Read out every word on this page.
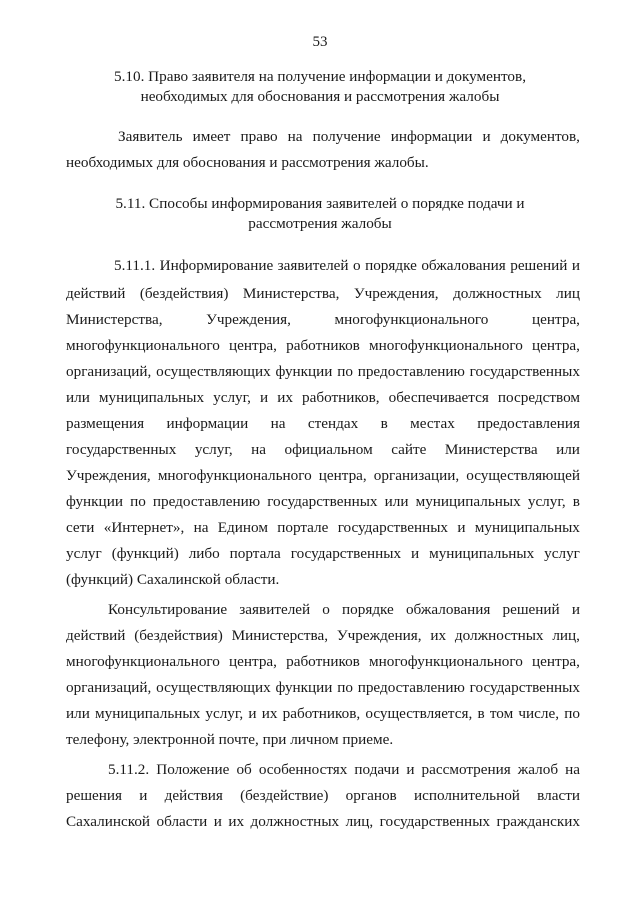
53
5.10. Право заявителя на получение информации и документов,
необходимых для обоснования и рассмотрения жалобы
Заявитель имеет право на получение информации и документов,
необходимых для обоснования и рассмотрения жалобы.
5.11. Способы информирования заявителей о порядке подачи и
рассмотрения жалобы
5.11.1. Информирование заявителей о порядке обжалования решений и
действий (бездействия) Министерства, Учреждения, должностных лиц
Министерства,	Учреждения,	многофункционального	центра,
многофункционального центра, работников многофункционального центра,
организаций, осуществляющих функции по предоставлению государственных
или муниципальных услуг, и их работников, обеспечивается посредством
размещения информации на стендах в местах предоставления
государственных услуг, на официальном сайте Министерства или
Учреждения, многофункционального центра, организации, осуществляющей
функции по предоставлению государственных или муниципальных услуг, в
сети «Интернет», на Едином портале государственных и муниципальных
услуг (функций) либо портала государственных и муниципальных услуг
(функций) Сахалинской области.
Консультирование заявителей о порядке обжалования решений и
действий (бездействия) Министерства, Учреждения, их должностных лиц,
многофункционального центра, работников многофункционального центра,
организаций, осуществляющих функции по предоставлению государственных
или муниципальных услуг, и их работников, осуществляется, в том числе, по
телефону, электронной почте, при личном приеме.
5.11.2. Положение об особенностях подачи и рассмотрения жалоб на
решения и действия (бездействие) органов исполнительной власти
Сахалинской области и их должностных лиц, государственных гражданских
